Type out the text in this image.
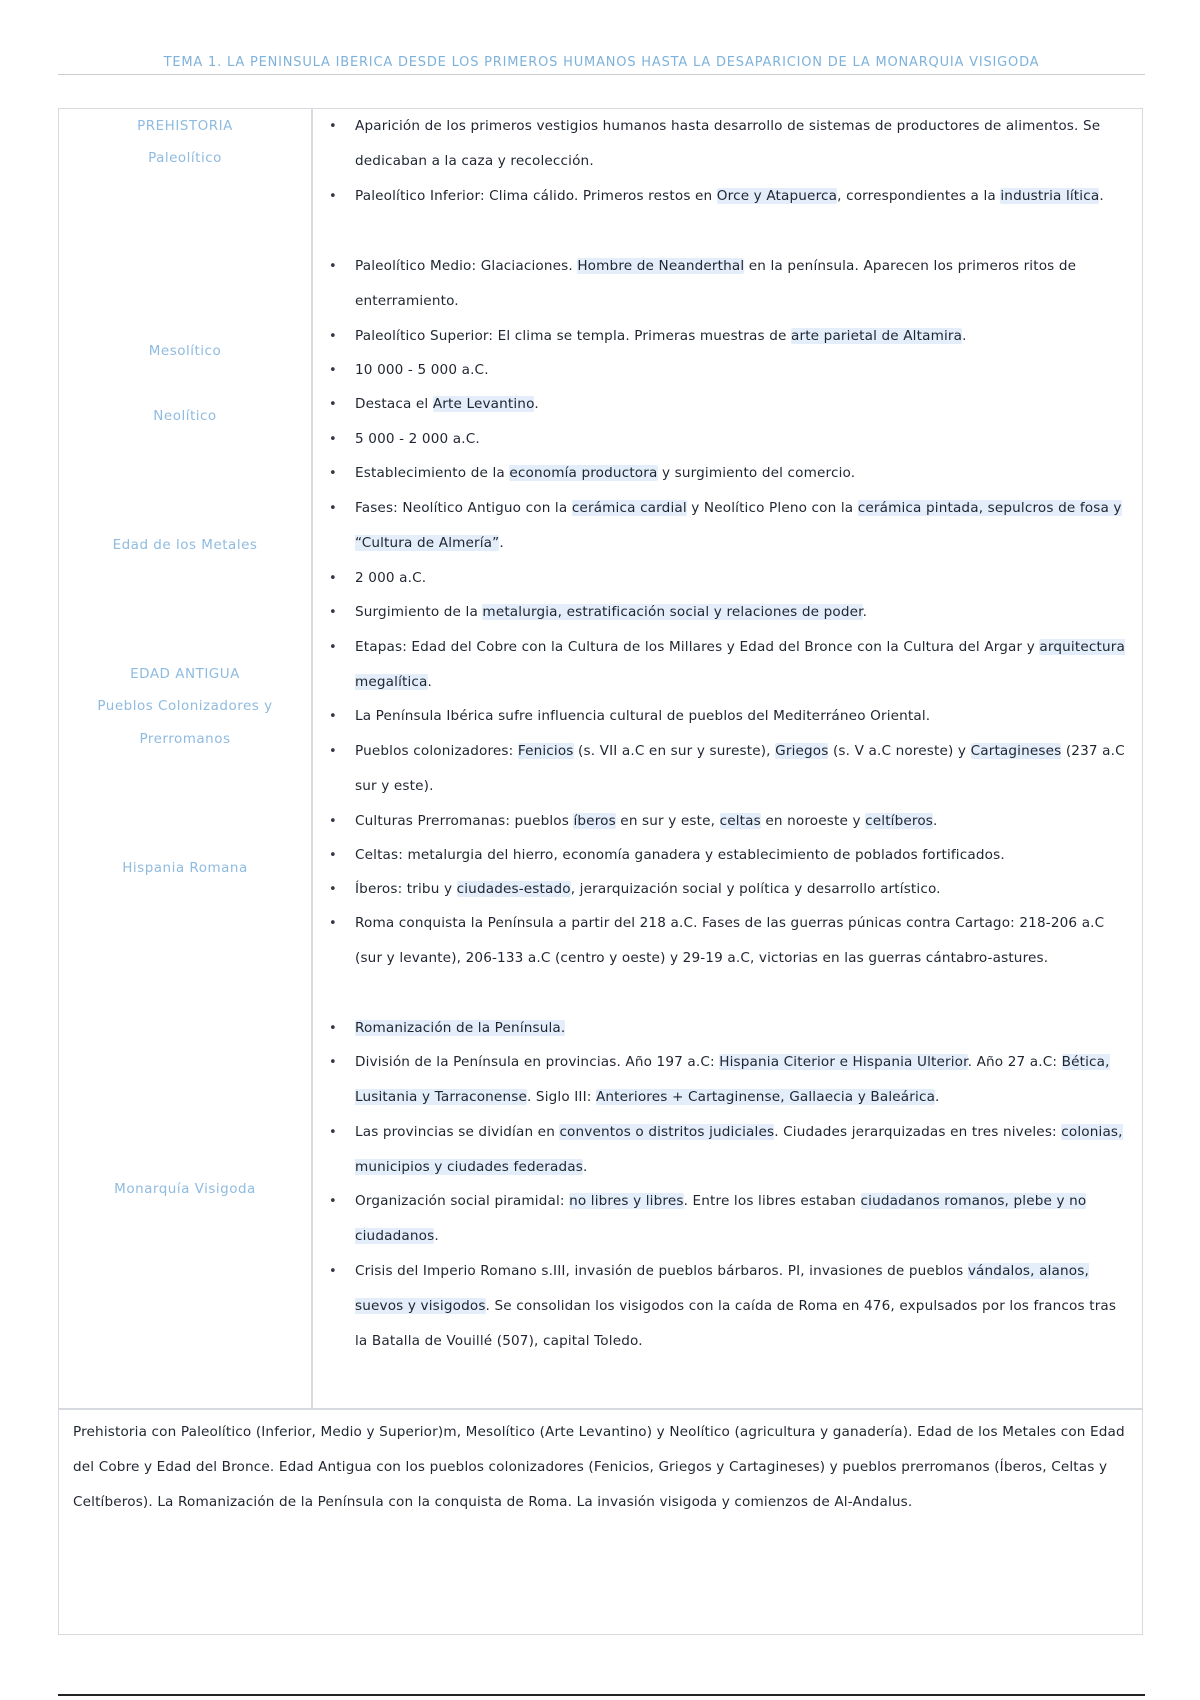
TEMA 1. LA PENÍNSULA IBÉRICA DESDE LOS PRIMEROS HUMANOS HASTA LA DESAPARICIÓN DE LA MONARQUÍA VISIGODA
PREHISTORIA
Paleolítico
Mesolítico
Neolítico
Edad de los Metales
EDAD ANTIGUA
Pueblos Colonizadores y
Prerromanos
Hispania Romana
Monarquía Visigoda
• Aparición de los primeros vestigios humanos hasta desarrollo de sistemas de productores de alimentos. Se dedicaban a la caza y recolección.
• Paleolítico Inferior: Clima cálido. Primeros restos en Orce y Atapuerca, correspondientes a la industria lítica.
• Paleolítico Medio: Glaciaciones. Hombre de Neanderthal en la península. Aparecen los primeros ritos de enterramiento.
• Paleolítico Superior: El clima se templa. Primeras muestras de arte parietal de Altamira.
• 10 000 - 5 000 a.C.
• Destaca el Arte Levantino.
• 5 000 - 2 000 a.C.
• Establecimiento de la economía productora y surgimiento del comercio.
• Fases: Neolítico Antiguo con la cerámica cardial y Neolítico Pleno con la cerámica pintada, sepulcros de fosa y “Cultura de Almería”.
• 2 000 a.C.
• Surgimiento de la metalurgia, estratificación social y relaciones de poder.
• Etapas: Edad del Cobre con la Cultura de los Millares y Edad del Bronce con la Cultura del Argar y arquitectura megalítica.
• La Península Ibérica sufre influencia cultural de pueblos del Mediterráneo Oriental.
• Pueblos colonizadores: Fenicios (s. VII a.C en sur y sureste), Griegos (s. V a.C noreste) y Cartagineses (237 a.C sur y este).
• Culturas Prerromanas: pueblos íberos en sur y este, celtas en noroeste y celtíberos.
• Celtas: metalurgia del hierro, economía ganadera y establecimiento de poblados fortificados.
• Íberos: tribu y ciudades-estado, jerarquización social y política y desarrollo artístico.
• Roma conquista la Península a partir del 218 a.C. Fases de las guerras púnicas contra Cartago: 218-206 a.C (sur y levante), 206-133 a.C (centro y oeste) y 29-19 a.C, victorias en las guerras cántabro-astures.
• Romanización de la Península.
• División de la Península en provincias. Año 197 a.C: Hispania Citerior e Hispania Ulterior. Año 27 a.C: Bética, Lusitania y Tarraconense. Siglo III: Anteriores + Cartaginense, Gallaecia y Baleárica.
• Las provincias se dividían en conventos o distritos judiciales. Ciudades jerarquizadas en tres niveles: colonias, municipios y ciudades federadas.
• Organización social piramidal: no libres y libres. Entre los libres estaban ciudadanos romanos, plebe y no ciudadanos.
• Crisis del Imperio Romano s.III, invasión de pueblos bárbaros. PI, invasiones de pueblos vándalos, alanos, suevos y visigodos. Se consolidan los visigodos con la caída de Roma en 476, expulsados por los francos tras la Batalla de Vouillé (507), capital Toledo.
Prehistoria con Paleolítico (Inferior, Medio y Superior)m, Mesolítico (Arte Levantino) y Neolítico (agricultura y ganadería). Edad de los Metales con Edad del Cobre y Edad del Bronce. Edad Antigua con los pueblos colonizadores (Fenicios, Griegos y Cartagineses) y pueblos prerromanos (Íberos, Celtas y Celtíberos). La Romanización de la Península con la conquista de Roma. La invasión visigoda y comienzos de Al-Andalus.
